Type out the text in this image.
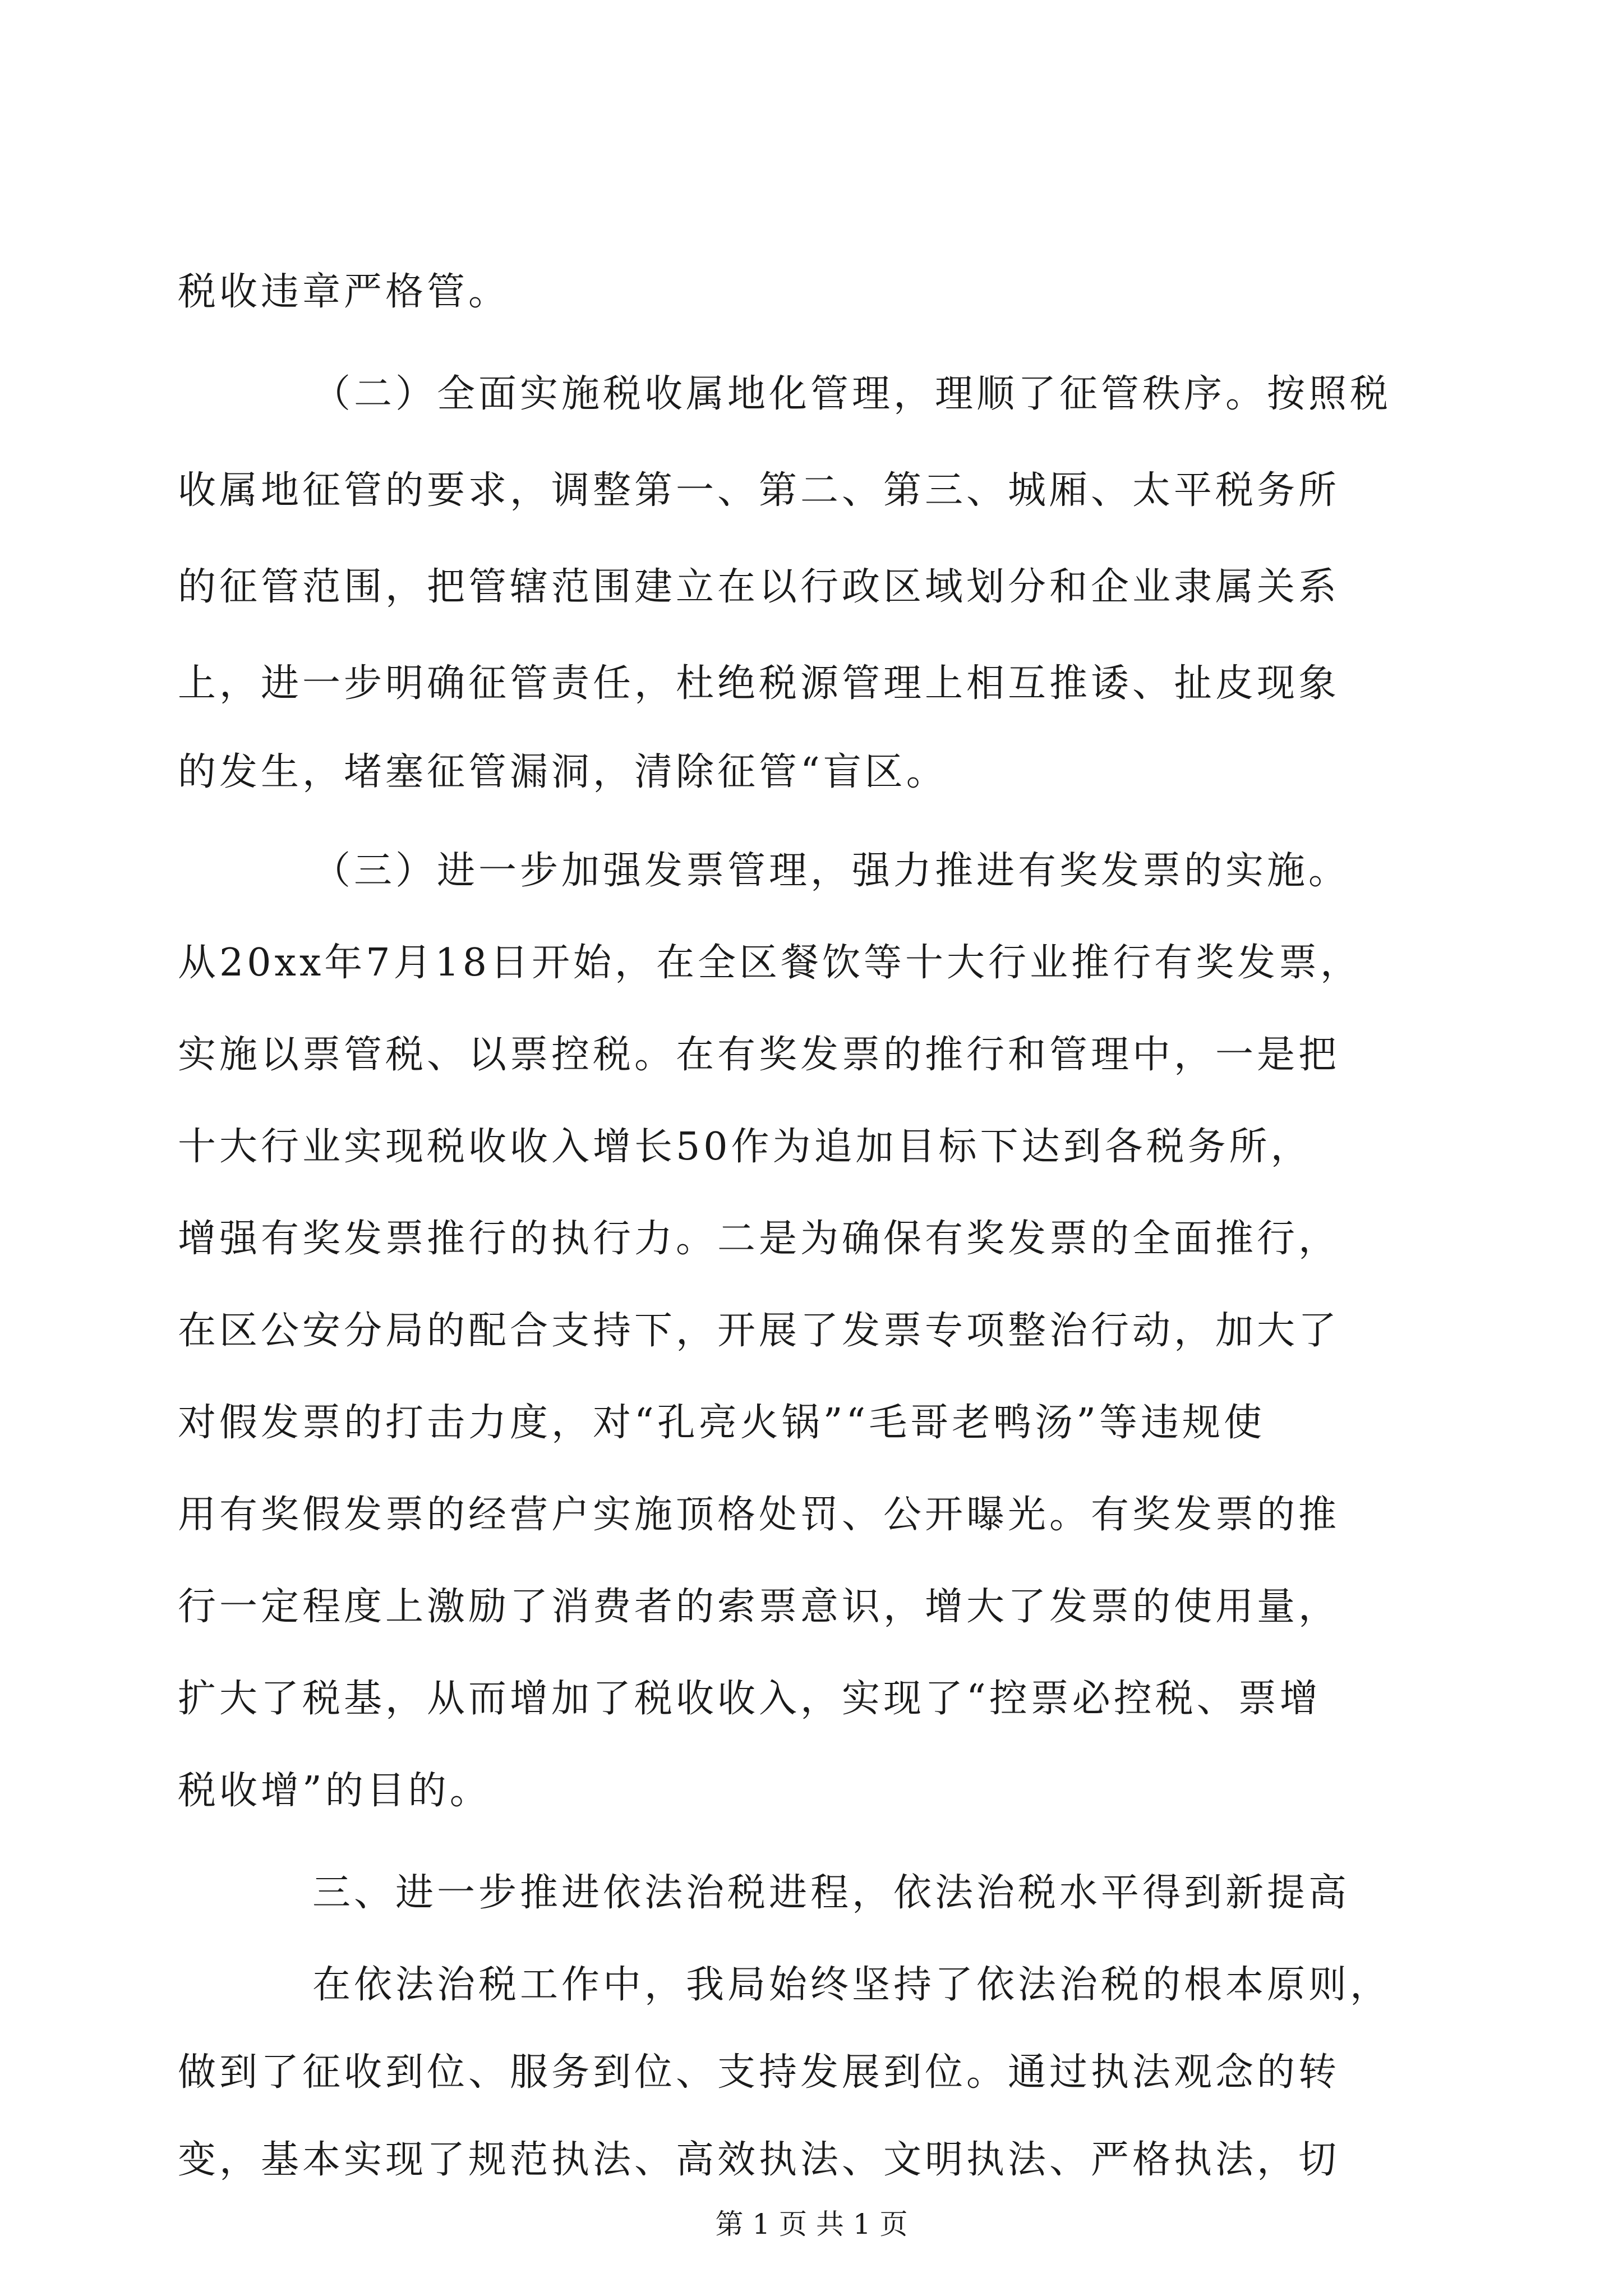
税收违章严格管。
（二）全面实施税收属地化管理，理顺了征管秩序。按照税
收属地征管的要求，调整第一、第二、第三、城厢、太平税务所
的征管范围，把管辖范围建立在以行政区域划分和企业隶属关系
上，进一步明确征管责任，杜绝税源管理上相互推诿、扯皮现象
的发生，堵塞征管漏洞，清除征管“盲区。
（三）进一步加强发票管理，强力推进有奖发票的实施。
从20xx年7月18日开始，在全区餐饮等十大行业推行有奖发票，
实施以票管税、以票控税。在有奖发票的推行和管理中，一是把
十大行业实现税收收入增长50作为追加目标下达到各税务所，
增强有奖发票推行的执行力。二是为确保有奖发票的全面推行，
在区公安分局的配合支持下，开展了发票专项整治行动，加大了
对假发票的打击力度，对“孔亮火锅”“毛哥老鸭汤”等违规使
用有奖假发票的经营户实施顶格处罚、公开曝光。有奖发票的推
行一定程度上激励了消费者的索票意识，增大了发票的使用量，
扩大了税基，从而增加了税收收入，实现了“控票必控税、票增
税收增”的目的。
三、进一步推进依法治税进程，依法治税水平得到新提高
在依法治税工作中，我局始终坚持了依法治税的根本原则，
做到了征收到位、服务到位、支持发展到位。通过执法观念的转
变，基本实现了规范执法、高效执法、文明执法、严格执法，切
第 1 页 共 1 页
